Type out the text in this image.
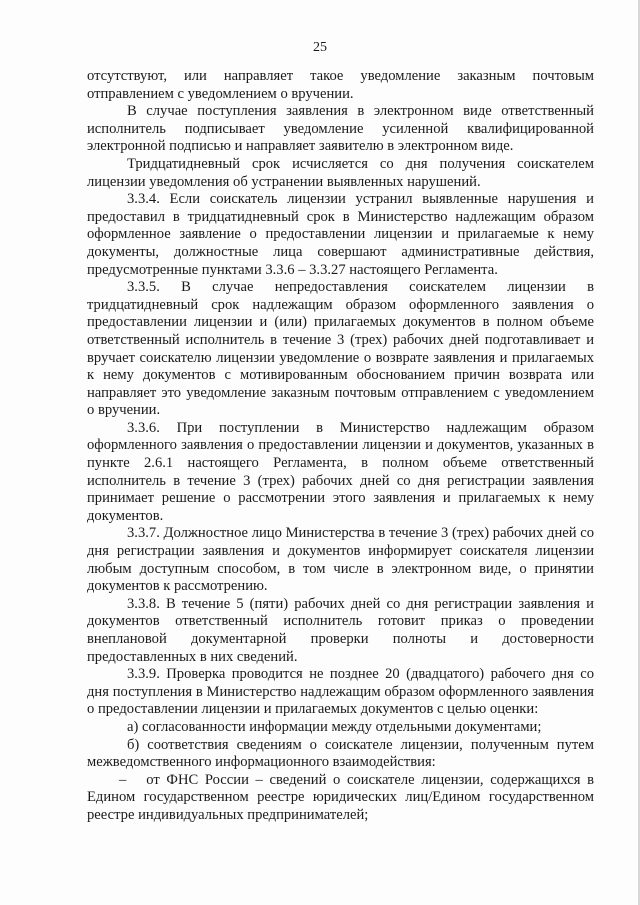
25

отсутствуют, или направляет такое уведомление заказным почтовым отправлением с уведомлением о вручении.

В случае поступления заявления в электронном виде ответственный исполнитель подписывает уведомление усиленной квалифицированной электронной подписью и направляет заявителю в электронном виде.

Тридцатидневный срок исчисляется со дня получения соискателем лицензии уведомления об устранении выявленных нарушений.

3.3.4. Если соискатель лицензии устранил выявленные нарушения и предоставил в тридцатидневный срок в Министерство надлежащим образом оформленное заявление о предоставлении лицензии и прилагаемые к нему документы, должностные лица совершают административные действия, предусмотренные пунктами 3.3.6 – 3.3.27 настоящего Регламента.

3.3.5. В случае непредоставления соискателем лицензии в тридцатидневный срок надлежащим образом оформленного заявления о предоставлении лицензии и (или) прилагаемых документов в полном объеме ответственный исполнитель в течение 3 (трех) рабочих дней подготавливает и вручает соискателю лицензии уведомление о возврате заявления и прилагаемых к нему документов с мотивированным обоснованием причин возврата или направляет это уведомление заказным почтовым отправлением с уведомлением о вручении.

3.3.6. При поступлении в Министерство надлежащим образом оформленного заявления о предоставлении лицензии и документов, указанных в пункте 2.6.1 настоящего Регламента, в полном объеме ответственный исполнитель в течение 3 (трех) рабочих дней со дня регистрации заявления принимает решение о рассмотрении этого заявления и прилагаемых к нему документов.

3.3.7. Должностное лицо Министерства в течение 3 (трех) рабочих дней со дня регистрации заявления и документов информирует соискателя лицензии любым доступным способом, в том числе в электронном виде, о принятии документов к рассмотрению.

3.3.8. В течение 5 (пяти) рабочих дней со дня регистрации заявления и документов ответственный исполнитель готовит приказ о проведении внеплановой документарной проверки полноты и достоверности предоставленных в них сведений.

3.3.9. Проверка проводится не позднее 20 (двадцатого) рабочего дня со дня поступления в Министерство надлежащим образом оформленного заявления о предоставлении лицензии и прилагаемых документов с целью оценки:

а) согласованности информации между отдельными документами;

б) соответствия сведениям о соискателе лицензии, полученным путем межведомственного информационного взаимодействия:

– от ФНС России – сведений о соискателе лицензии, содержащихся в Едином государственном реестре юридических лиц/Едином государственном реестре индивидуальных предпринимателей;
